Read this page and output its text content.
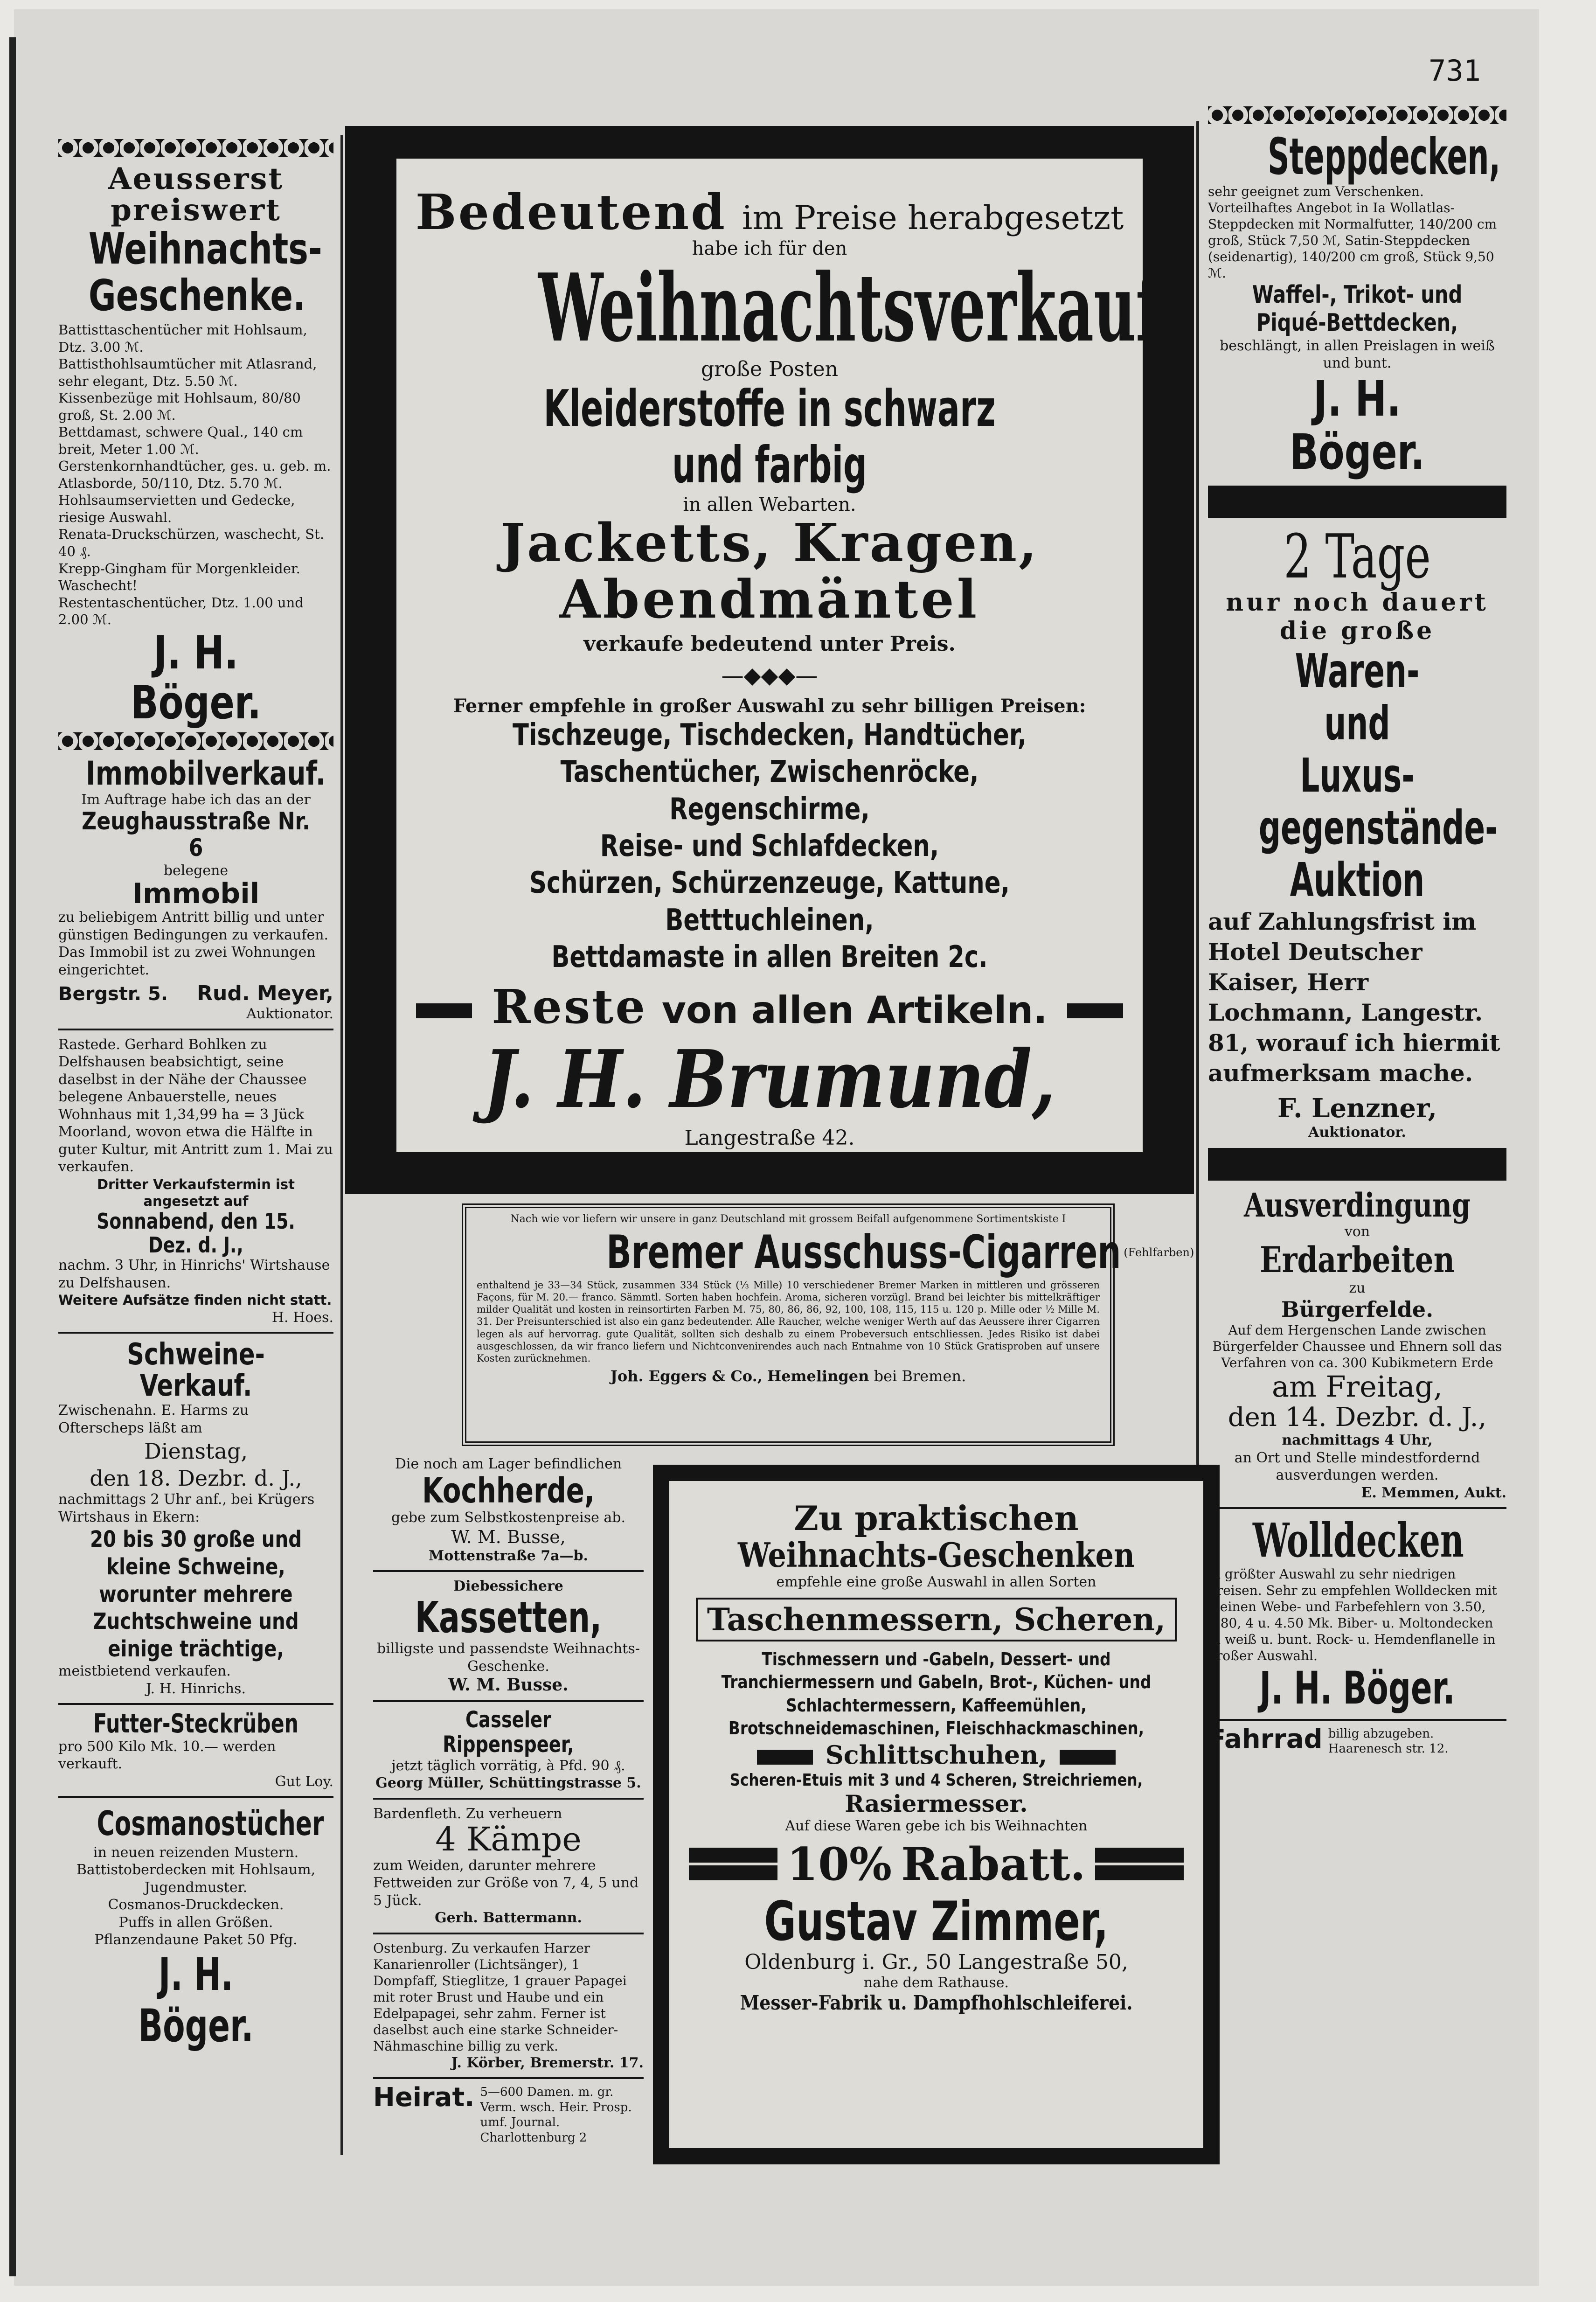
731

Aeusserst

preiswert

Weihnachts-

Geschenke.

Battisttaschentücher mit Hohlsaum, Dtz. 3.00 ℳ.

Battisthohlsaumtücher mit Atlasrand, sehr elegant, Dtz. 5.50 ℳ.

Kissenbezüge mit Hohlsaum, 80/80 groß, St. 2.00 ℳ.

Bettdamast, schwere Qual., 140 cm breit, Meter 1.00 ℳ.

Gerstenkornhandtücher, ges. u. geb. m. Atlasborde, 50/110, Dtz. 5.70 ℳ.

Hohlsaumservietten und Gedecke, riesige Auswahl.

Renata-Druckschürzen, waschecht, St. 40 ₰.

Krepp-Gingham für Morgenkleider. Waschecht!

Restentaschentücher, Dtz. 1.00 und 2.00 ℳ.

J. H. Böger.

Immobilverkauf.

Im Auftrage habe ich das an der

Zeughausstraße Nr. 6

belegene

Immobil

zu beliebigem Antritt billig und unter günstigen Bedingungen zu verkaufen. Das Immobil ist zu zwei Wohnungen eingerichtet.

Bergstr. 5. Rud. Meyer,

Auktionator.

Rastede. Gerhard Bohlken zu Delfshausen beabsichtigt, seine daselbst in der Nähe der Chaussee belegene Anbauerstelle, neues Wohnhaus mit 1,34,99 ha = 3 Jück Moorland, wovon etwa die Hälfte in guter Kultur, mit Antritt zum 1. Mai zu verkaufen.

Dritter Verkaufstermin ist angesetzt auf

Sonnabend, den 15. Dez. d. J.,

nachm. 3 Uhr, in Hinrichs' Wirtshause zu Delfshausen.

Weitere Aufsätze finden nicht statt.

H. Hoes.

Schweine-Verkauf.

Zwischenahn. E. Harms zu Ofterscheps läßt am

Dienstag,

den 18. Dezbr. d. J.,

nachmittags 2 Uhr anf., bei Krügers Wirtshaus in Ekern:

20 bis 30 große und

kleine Schweine,

worunter mehrere

Zuchtschweine und

einige trächtige,

meistbietend verkaufen.

J. H. Hinrichs.

Futter-Steckrüben

pro 500 Kilo Mk. 10.— werden verkauft.

Gut Loy.

Cosmanostücher

in neuen reizenden Mustern.

Battistoberdecken mit Hohlsaum, Jugendmuster.

Cosmanos-Druckdecken.

Puffs in allen Größen.

Pflanzendaune Paket 50 Pfg.

J. H. Böger.

Bedeutend im Preise herabgesetzt

habe ich für den

Weihnachtsverkauf

große Posten

Kleiderstoffe in schwarz und farbig

in allen Webarten.

Jacketts, Kragen,

Abendmäntel

verkaufe bedeutend unter Preis.

—◆◆◆—

Ferner empfehle in großer Auswahl zu sehr billigen Preisen:

Tischzeuge, Tischdecken, Handtücher,

Taschentücher, Zwischenröcke, Regenschirme,

Reise- und Schlafdecken,

Schürzen, Schürzenzeuge, Kattune, Betttuchleinen,

Bettdamaste in allen Breiten 2c.

Reste von allen Artikeln.

J. H. Brumund,

Langestraße 42.

Nach wie vor liefern wir unsere in ganz Deutschland mit grossem Beifall aufgenommene Sortimentskiste I

Bremer Ausschuss-Cigarren (Fehlfarben)

enthaltend je 33—34 Stück, zusammen 334 Stück (⅓ Mille) 10 verschiedener Bremer Marken in mittleren und grösseren Façons, für M. 20.— franco. Sämmtl. Sorten haben hochfein. Aroma, sicheren vorzügl. Brand bei leichter bis mittelkräftiger milder Qualität und kosten in reinsortirten Farben M. 75, 80, 86, 86, 92, 100, 108, 115, 115 u. 120 p. Mille oder ½ Mille M. 31. Der Preisunterschied ist also ein ganz bedeutender. Alle Raucher, welche weniger Werth auf das Aeussere ihrer Cigarren legen als auf hervorrag. gute Qualität, sollten sich deshalb zu einem Probeversuch entschliessen. Jedes Risiko ist dabei ausgeschlossen, da wir franco liefern und Nichtconvenirendes auch nach Entnahme von 10 Stück Gratisproben auf unsere Kosten zurücknehmen.

Joh. Eggers & Co., Hemelingen bei Bremen.

Die noch am Lager befindlichen

Kochherde,

gebe zum Selbstkostenpreise ab.

W. M. Busse,

Mottenstraße 7a—b.

Diebessichere

Kassetten,

billigste und passendste Weihnachts-Geschenke.

W. M. Busse.

Casseler Rippenspeer,

jetzt täglich vorrätig, à Pfd. 90 ₰.

Georg Müller, Schüttingstrasse 5.

Bardenfleth. Zu verheuern

4 Kämpe

zum Weiden, darunter mehrere Fettweiden zur Größe von 7, 4, 5 und 5 Jück.

Gerh. Battermann.

Ostenburg. Zu verkaufen Harzer Kanarienroller (Lichtsänger), 1 Dompfaff, Stieglitze, 1 grauer Papagei mit roter Brust und Haube und ein Edelpapagei, sehr zahm. Ferner ist daselbst auch eine starke Schneider-Nähmaschine billig zu verk.

J. Körber, Bremerstr. 17.

Heirat. 5—600 Damen. m. gr. Verm. wsch. Heir. Prosp. umf. Journal. Charlottenburg 2

Zu praktischen

Weihnachts-Geschenken

empfehle eine große Auswahl in allen Sorten

Taschenmessern, Scheren,

Tischmessern und -Gabeln, Dessert- und Tranchiermessern und Gabeln, Brot-, Küchen- und Schlachtermessern, Kaffeemühlen, Brotschneidemaschinen, Fleischhackmaschinen,

Schlittschuhen,

Scheren-Etuis mit 3 und 4 Scheren, Streichriemen,

Rasiermesser.

Auf diese Waren gebe ich bis Weihnachten

10% Rabatt.

Gustav Zimmer,

Oldenburg i. Gr., 50 Langestraße 50,

nahe dem Rathause.

Messer-Fabrik u. Dampfhohlschleiferei.

Steppdecken,

sehr geeignet zum Verschenken. Vorteilhaftes Angebot in Ia Wollatlas-Steppdecken mit Normalfutter, 140/200 cm groß, Stück 7,50 ℳ, Satin-Steppdecken (seidenartig), 140/200 cm groß, Stück 9,50 ℳ.

Waffel-, Trikot- und Piqué-Bettdecken,

beschlängt, in allen Preislagen in weiß und bunt.

J. H. Böger.

2 Tage

nur noch dauert

die große

Waren- und

Luxus-

gegenstände-

Auktion

auf Zahlungsfrist im Hotel Deutscher Kaiser, Herr Lochmann, Langestr. 81, worauf ich hiermit aufmerksam mache.

F. Lenzner,

Auktionator.

Ausverdingung

von

Erdarbeiten

zu

Bürgerfelde.

Auf dem Hergenschen Lande zwischen Bürgerfelder Chaussee und Ehnern soll das Verfahren von ca. 300 Kubikmetern Erde

am Freitag,

den 14. Dezbr. d. J.,

nachmittags 4 Uhr,

an Ort und Stelle mindestfordernd ausverdungen werden.

E. Memmen, Aukt.

Wolldecken

in größter Auswahl zu sehr niedrigen Preisen. Sehr zu empfehlen Wolldecken mit kleinen Webe- und Farbefehlern von 3.50, 3.80, 4 u. 4.50 Mk. Biber- u. Moltondecken in weiß u. bunt. Rock- u. Hemdenflanelle in großer Auswahl.

J. H. Böger.

Fahrrad billig abzugeben. Haarenesch str. 12.
